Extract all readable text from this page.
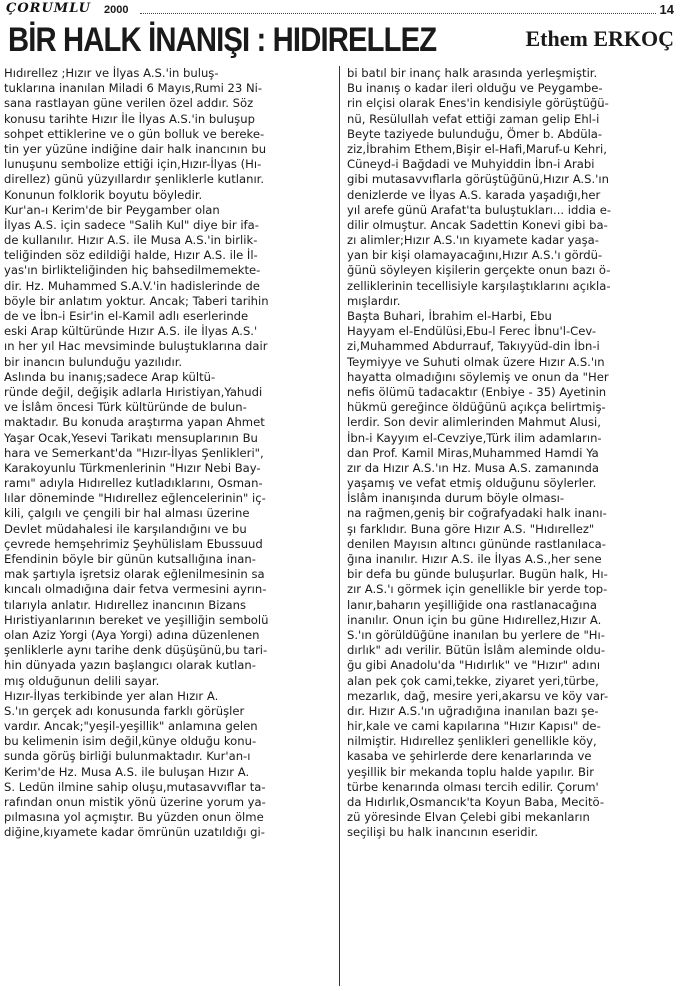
ÇORUMLU 2000	14
BİR HALK İNANIŞI : HIDIRELLEZ	Ethem ERKOÇ
Hıdırellez ;Hızır ve İlyas A.S.'in buluş-
tuklarına inanılan Miladi 6 Mayıs,Rumi 23 Ni-
sana rastlayan güne verilen özel addır. Söz
konusu tarihte Hızır İle İlyas A.S.'in buluşup
sohpet ettiklerine ve o gün bolluk ve bereke-
tin yer yüzüne indiğine dair halk inancının bu
lunuşunu sembolize ettiği için,Hızır-İlyas (Hı-
direllez) günü yüzyıllardır şenliklerle kutlanır.
Konunun folklorik boyutu böyledir.
Kur'an-ı Kerim'de bir Peygamber olan
İlyas A.S. için sadece "Salih Kul" diye bir ifa-
de kullanılır. Hızır A.S. ile Musa A.S.'in birlik-
teliğinden söz edildiği halde, Hızır A.S. ile İl-
yas'ın birlikteliğinden hiç bahsedilmemekte-
dir. Hz. Muhammed S.A.V.'in hadislerinde de
böyle bir anlatım yoktur. Ancak; Taberi tarihin
de ve İbn-i Esir'in el-Kamil adlı eserlerinde
eski Arap kültüründe Hızır A.S. ile İlyas A.S.'
ın her yıl Hac mevsiminde buluştuklarına dair
bir inancın bulunduğu yazılıdır.
Aslında bu inanış;sadece Arap kültü-
ründe değil, değişik adlarla Hıristiyan,Yahudi
ve İslâm öncesi Türk kültüründe de bulun-
maktadır. Bu konuda araştırma yapan Ahmet
Yaşar Ocak,Yesevi Tarikatı mensuplarının Bu
hara ve Semerkant'da "Hızır-İlyas Şenlikleri",
Karakoyunlu Türkmenlerinin "Hızır Nebi Bay-
ramı" adıyla Hıdırellez kutladıklarını, Osman-
lılar döneminde "Hıdırellez eğlencelerinin" iç-
kili, çalgılı ve çengili bir hal alması üzerine
Devlet müdahalesi ile karşılandığını ve bu
çevrede hemşehrimiz Şeyhülislam Ebussuud
Efendinin böyle bir günün kutsallığına inan-
mak şartıyla işretsiz olarak eğlenilmesinin sa
kıncalı olmadığına dair fetva vermesini ayrın-
tılarıyla anlatır. Hıdırellez inancının Bizans
Hıristiyanlarının bereket ve yeşilliğin sembolü
olan Aziz Yorgi (Aya Yorgi) adına düzenlenen
şenliklerle aynı tarihe denk düşüşünü,bu tari-
hin dünyada yazın başlangıcı olarak kutlan-
mış olduğunun delili sayar.
Hızır-İlyas terkibinde yer alan Hızır A.
S.'ın gerçek adı konusunda farklı görüşler
vardır. Ancak;"yeşil-yeşillik" anlamına gelen
bu kelimenin isim değil,künye olduğu konu-
sunda görüş birliği bulunmaktadır. Kur'an-ı
Kerim'de Hz. Musa A.S. ile buluşan Hızır A.
S. Ledün ilmine sahip oluşu,mutasavvıflar ta-
rafından onun mistik yönü üzerine yorum ya-
pılmasına yol açmıştır. Bu yüzden onun ölme
diğine,kıyamete kadar ömrünün uzatıldığı gi-
bi batıl bir inanç halk arasında yerleşmiştir.
Bu inanış o kadar ileri olduğu ve Peygambe-
rin elçisi olarak Enes'in kendisiyle görüştüğü-
nü, Resülullah vefat ettiği zaman gelip Ehl-i
Beyte taziyede bulunduğu, Ömer b. Abdüla-
ziz,İbrahim Ethem,Bişir el-Hafi,Maruf-u Kehri,
Cüneyd-i Bağdadi ve Muhyiddin İbn-i Arabi
gibi mutasavvıflarla görüştüğünü,Hızır A.S.'ın
denizlerde ve İlyas A.S. karada yaşadığı,her
yıl arefe günü Arafat'ta buluştukları... iddia e-
dilir olmuştur. Ancak Sadettin Konevi gibi ba-
zı alimler;Hızır A.S.'ın kıyamete kadar yaşa-
yan bir kişi olamayacağını,Hızır A.S.'ı gördü-
ğünü söyleyen kişilerin gerçekte onun bazı ö-
zelliklerinin tecellisiyle karşılaştıklarını açıkla-
mışlardır.
Başta Buhari, İbrahim el-Harbi, Ebu
Hayyam el-Endülüsi,Ebu-l Ferec İbnu'l-Cev-
zi,Muhammed Abdurrauf, Takıyyüd-din İbn-i
Teymiyye ve Suhuti olmak üzere Hızır A.S.'ın
hayatta olmadığını söylemiş ve onun da "Her
nefis ölümü tadacaktır (Enbiye - 35) Ayetinin
hükmü gereğince öldüğünü açıkça belirtmiş-
lerdir. Son devir alimlerinden Mahmut Alusi,
İbn-i Kayyım el-Cevziye,Türk ilim adamların-
dan Prof. Kamil Miras,Muhammed Hamdi Ya
zır da Hızır A.S.'ın Hz. Musa A.S. zamanında
yaşamış ve vefat etmiş olduğunu söylerler.
İslâm inanışında durum böyle olması-
na rağmen,geniş bir coğrafyadaki halk inanı-
şı farklıdır. Buna göre Hızır A.S. "Hıdırellez"
denilen Mayısın altıncı gününde rastlanılaca-
ğına inanılır. Hızır A.S. ile İlyas A.S.,her sene
bir defa bu günde buluşurlar. Bugün halk, Hı-
zır A.S.'ı görmek için genellikle bir yerde top-
lanır,baharın yeşilliğide ona rastlanacağına
inanılır. Onun için bu güne Hıdırellez,Hızır A.
S.'ın görüldüğüne inanılan bu yerlere de "Hı-
dırlık" adı verilir. Bütün İslâm aleminde oldu-
ğu gibi Anadolu'da "Hıdırlık" ve "Hızır" adını
alan pek çok cami,tekke, ziyaret yeri,türbe,
mezarlık, dağ, mesire yeri,akarsu ve köy var-
dır. Hızır A.S.'ın uğradığına inanılan bazı şe-
hir,kale ve cami kapılarına "Hızır Kapısı" de-
nilmiştir. Hıdırellez şenlikleri genellikle köy,
kasaba ve şehirlerde dere kenarlarında ve
yeşillik bir mekanda toplu halde yapılır. Bir
türbe kenarında olması tercih edilir. Çorum'
da Hıdırlık,Osmancık'ta Koyun Baba, Mecitö-
zü yöresinde Elvan Çelebi gibi mekanların
seçilişi bu halk inancının eseridir.
